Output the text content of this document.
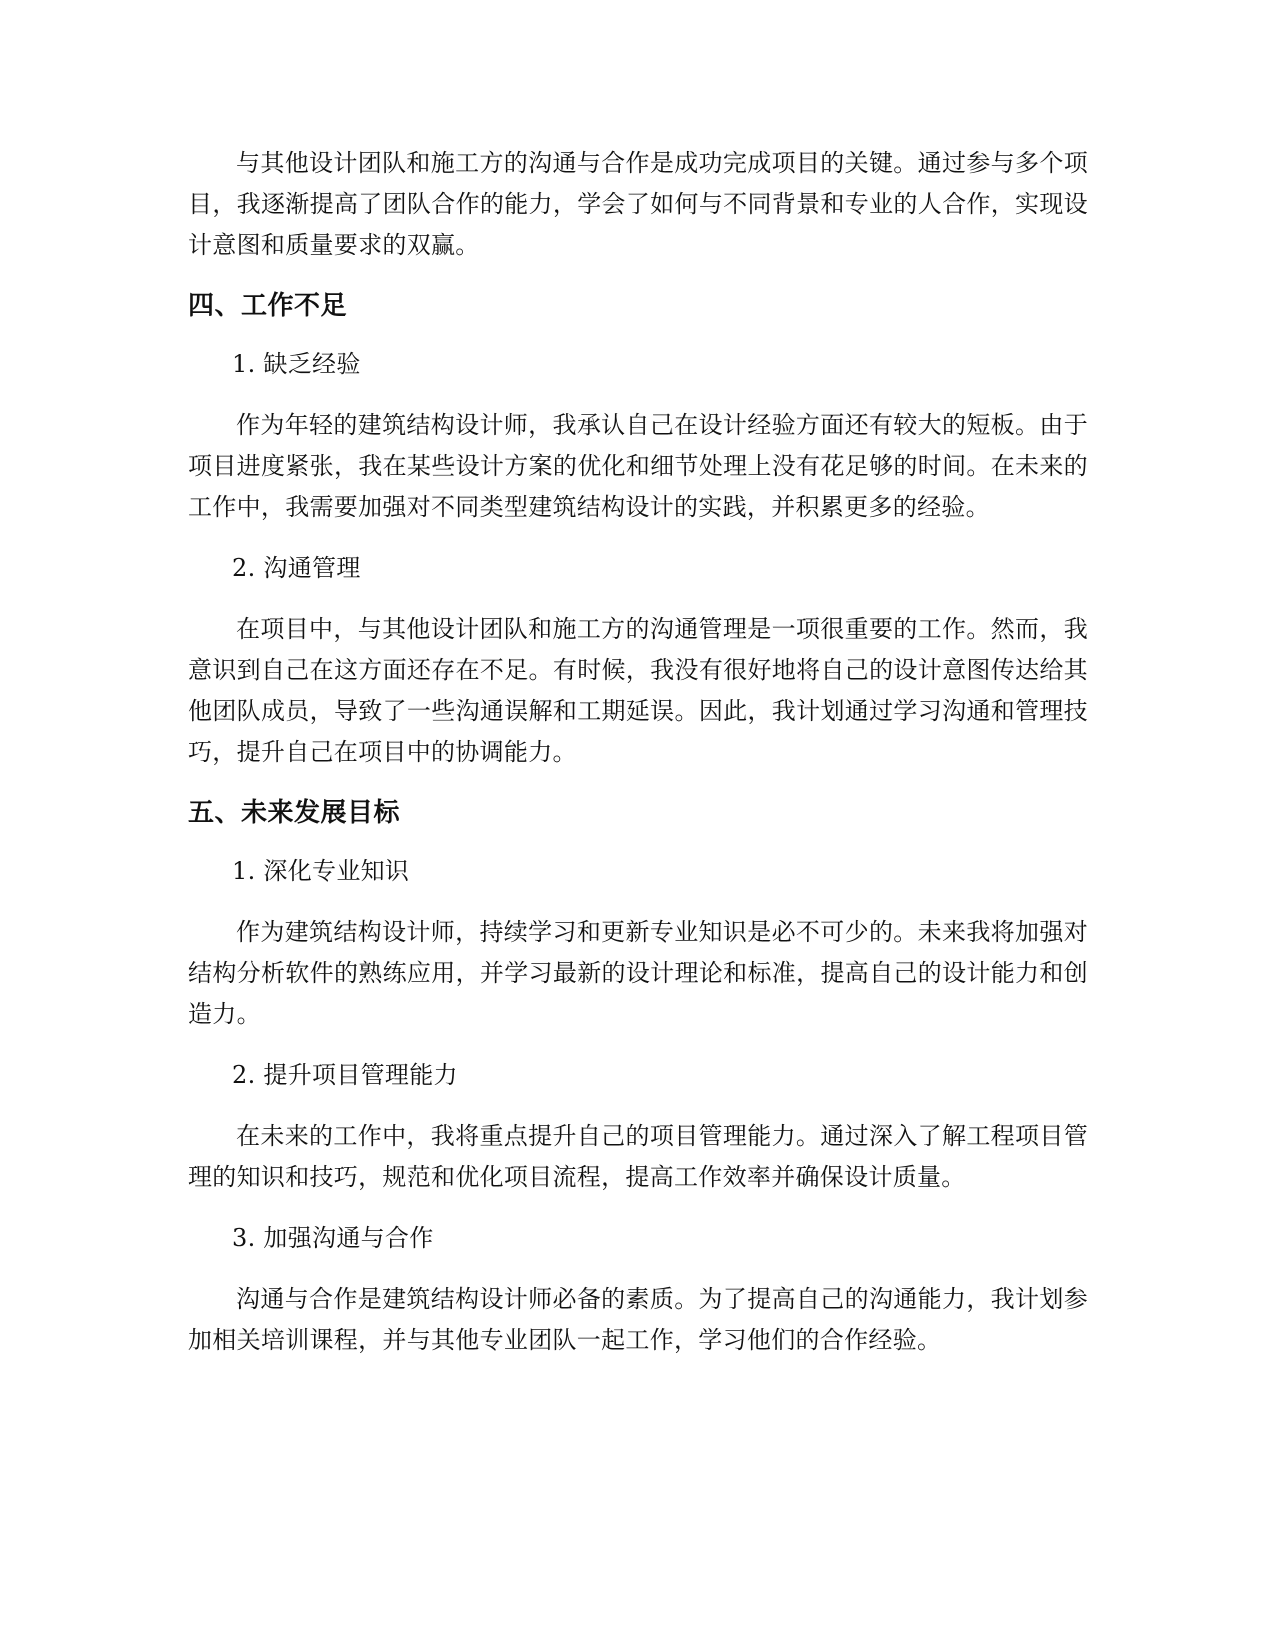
与其他设计团队和施工方的沟通与合作是成功完成项目的关键。通过参与多个项目，我逐渐提高了团队合作的能力，学会了如何与不同背景和专业的人合作，实现设计意图和质量要求的双赢。

四、工作不足
1. 缺乏经验

作为年轻的建筑结构设计师，我承认自己在设计经验方面还有较大的短板。由于项目进度紧张，我在某些设计方案的优化和细节处理上没有花足够的时间。在未来的工作中，我需要加强对不同类型建筑结构设计的实践，并积累更多的经验。

2. 沟通管理

在项目中，与其他设计团队和施工方的沟通管理是一项很重要的工作。然而，我意识到自己在这方面还存在不足。有时候，我没有很好地将自己的设计意图传达给其他团队成员，导致了一些沟通误解和工期延误。因此，我计划通过学习沟通和管理技巧，提升自己在项目中的协调能力。

五、未来发展目标
1. 深化专业知识

作为建筑结构设计师，持续学习和更新专业知识是必不可少的。未来我将加强对结构分析软件的熟练应用，并学习最新的设计理论和标准，提高自己的设计能力和创造力。

2. 提升项目管理能力

在未来的工作中，我将重点提升自己的项目管理能力。通过深入了解工程项目管理的知识和技巧，规范和优化项目流程，提高工作效率并确保设计质量。

3. 加强沟通与合作

沟通与合作是建筑结构设计师必备的素质。为了提高自己的沟通能力，我计划参加相关培训课程，并与其他专业团队一起工作，学习他们的合作经验。
